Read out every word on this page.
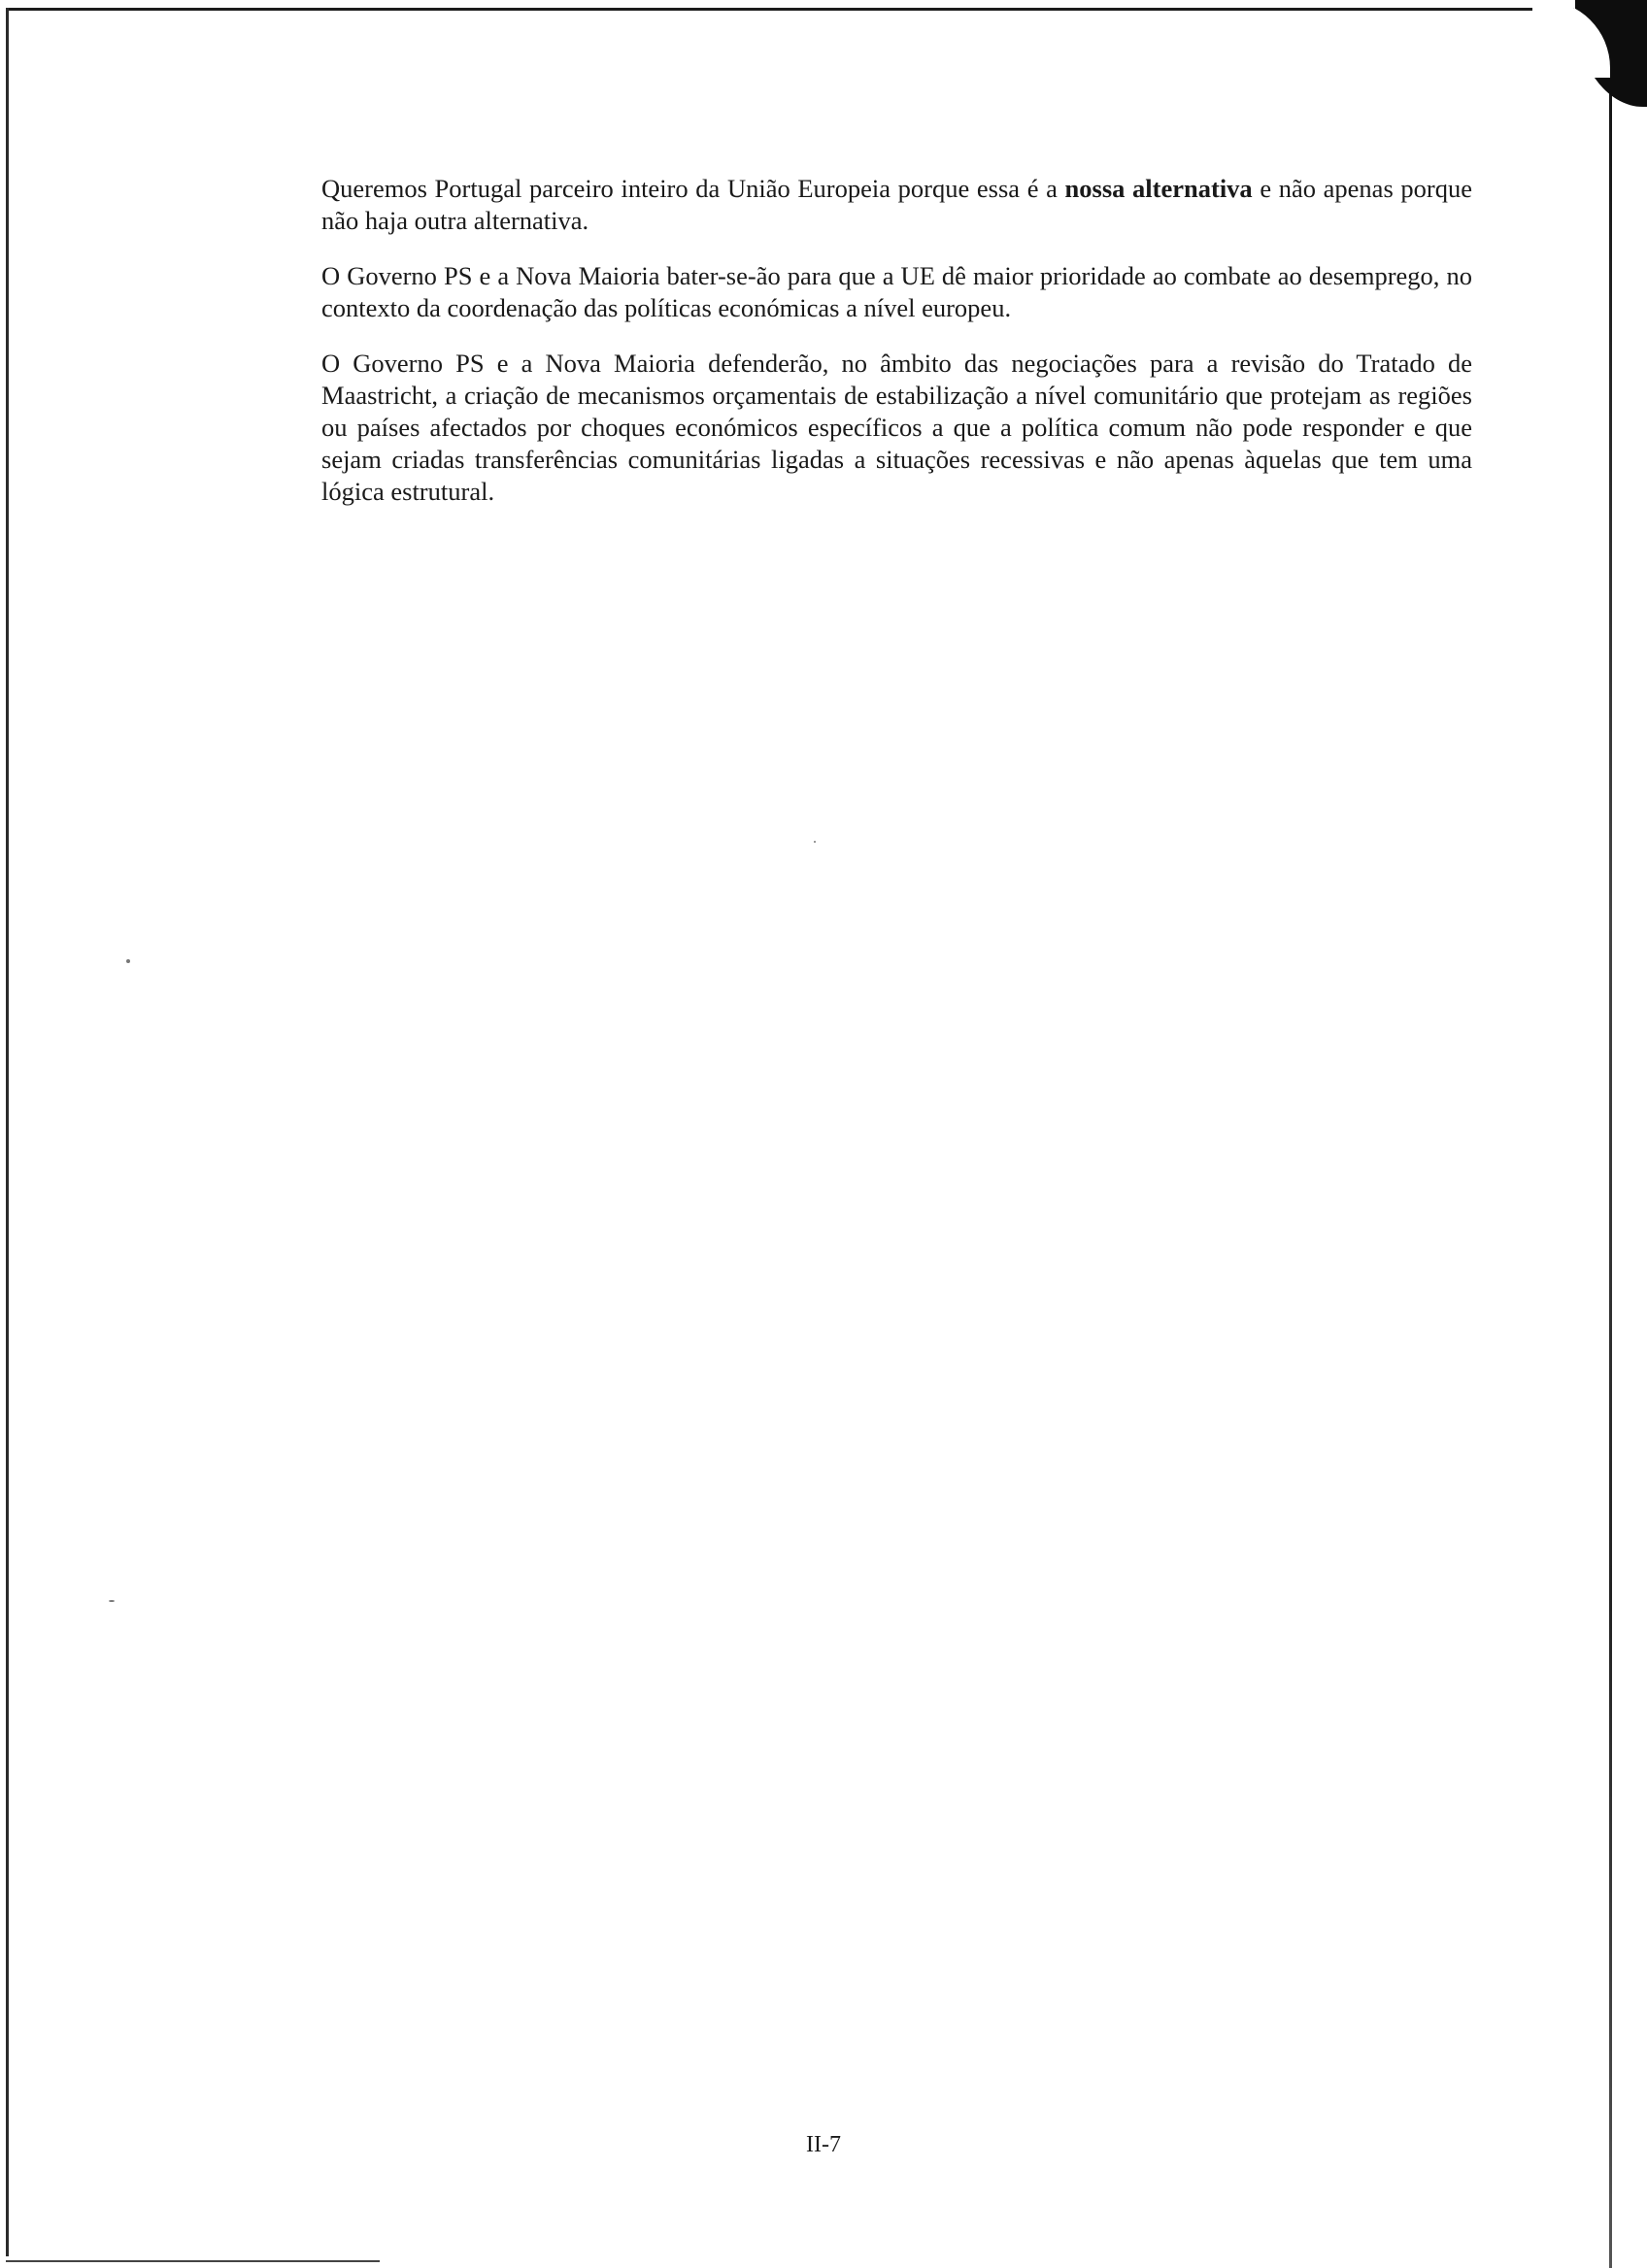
Queremos Portugal parceiro inteiro da União Europeia porque essa é a nossa alternativa e não apenas porque não haja outra alternativa.

O Governo PS e a Nova Maioria bater-se-ão para que a UE dê maior prioridade ao combate ao desemprego, no contexto da coordenação das políticas económicas a nível europeu.

O Governo PS e a Nova Maioria defenderão, no âmbito das negociações para a revisão do Tratado de Maastricht, a criação de mecanismos orçamentais de estabilização a nível comunitário que protejam as regiões ou países afectados por choques económicos específicos a que a política comum não pode responder e que sejam criadas transferências comunitárias ligadas a situações recessivas e não apenas àquelas que tem uma lógica estrutural.

II-7
